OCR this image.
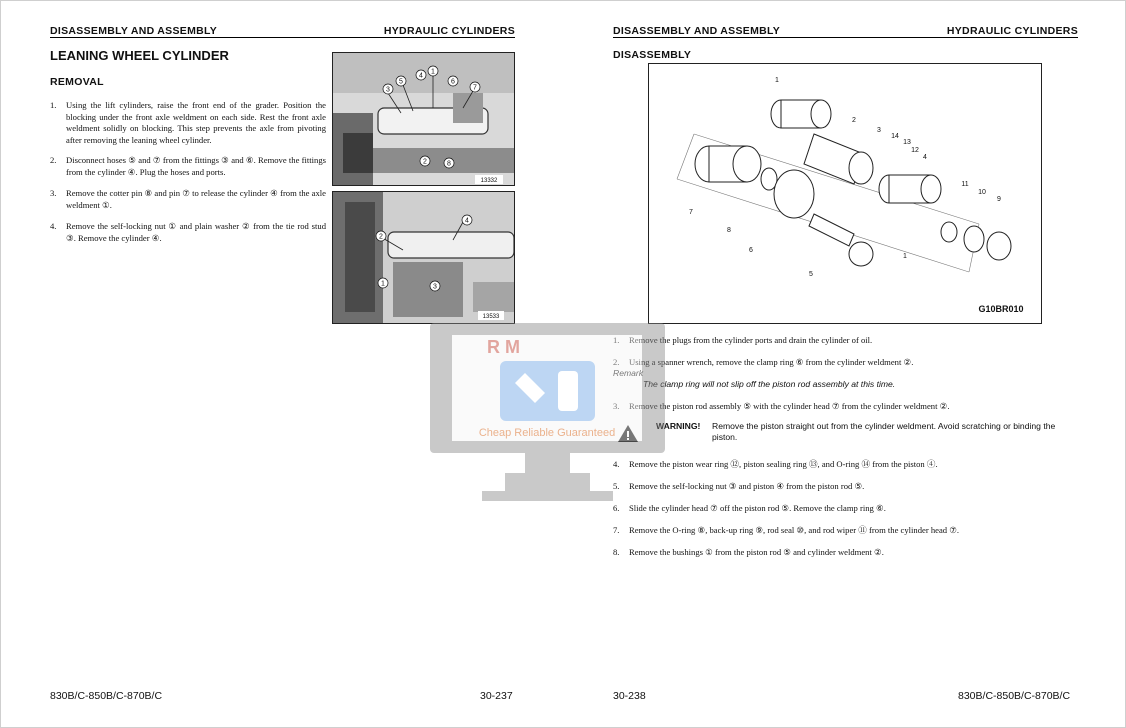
DISASSEMBLY AND ASSEMBLY	HYDRAULIC CYLINDERS
LEANING WHEEL CYLINDER
REMOVAL
1. Using the lift cylinders, raise the front end of the grader. Position the blocking under the front axle weldment on each side. Rest the front axle weldment solidly on blocking. This step prevents the axle from pivoting after removing the leaning wheel cylinder.
2. Disconnect hoses ⑤ and ⑦ from the fittings ③ and ⑥. Remove the fittings from the cylinder ④. Plug the hoses and ports.
3. Remove the cotter pin ⑧ and pin ⑦ to release the cylinder ④ from the axle weldment ①.
4. Remove the self-locking nut ① and plain washer ② from the tie rod stud ③. Remove the cylinder ④.
3
5
4
1
6
7
2	8
13332
4
2
1	3
13533
830B/C-850B/C-870B/C	30-237
DISASSEMBLY AND ASSEMBLY	HYDRAULIC CYLINDERS
DISASSEMBLY
1
2
3
14
13
12
4
7
8
6
5
1
11
10
9
G10BR010
1. Remove the plugs from the cylinder ports and drain the cylinder of oil.
2. Using a spanner wrench, remove the clamp ring ⑥ from the cylinder weldment ②.
Remark
The clamp ring will not slip off the piston rod assembly at this time.
3. Remove the piston rod assembly ⑤ with the cylinder head ⑦ from the cylinder weldment ②.
WARNING! Remove the piston straight out from the cylinder weldment. Avoid scratching or binding the piston.
4. Remove the piston wear ring ⑫, piston sealing ring ⑬, and O-ring ⑭ from the piston ④.
5. Remove the self-locking nut ③ and piston ④ from the piston rod ⑤.
6. Slide the cylinder head ⑦ off the piston rod ⑤. Remove the clamp ring ⑥.
7. Remove the O-ring ⑧, back-up ring ⑨, rod seal ⑩, and rod wiper ⑪ from the cylinder head ⑦.
8. Remove the bushings ① from the piston rod ⑤ and cylinder weldment ②.
30-238	830B/C-850B/C-870B/C
R M
Cheap Reliable Guaranteed
